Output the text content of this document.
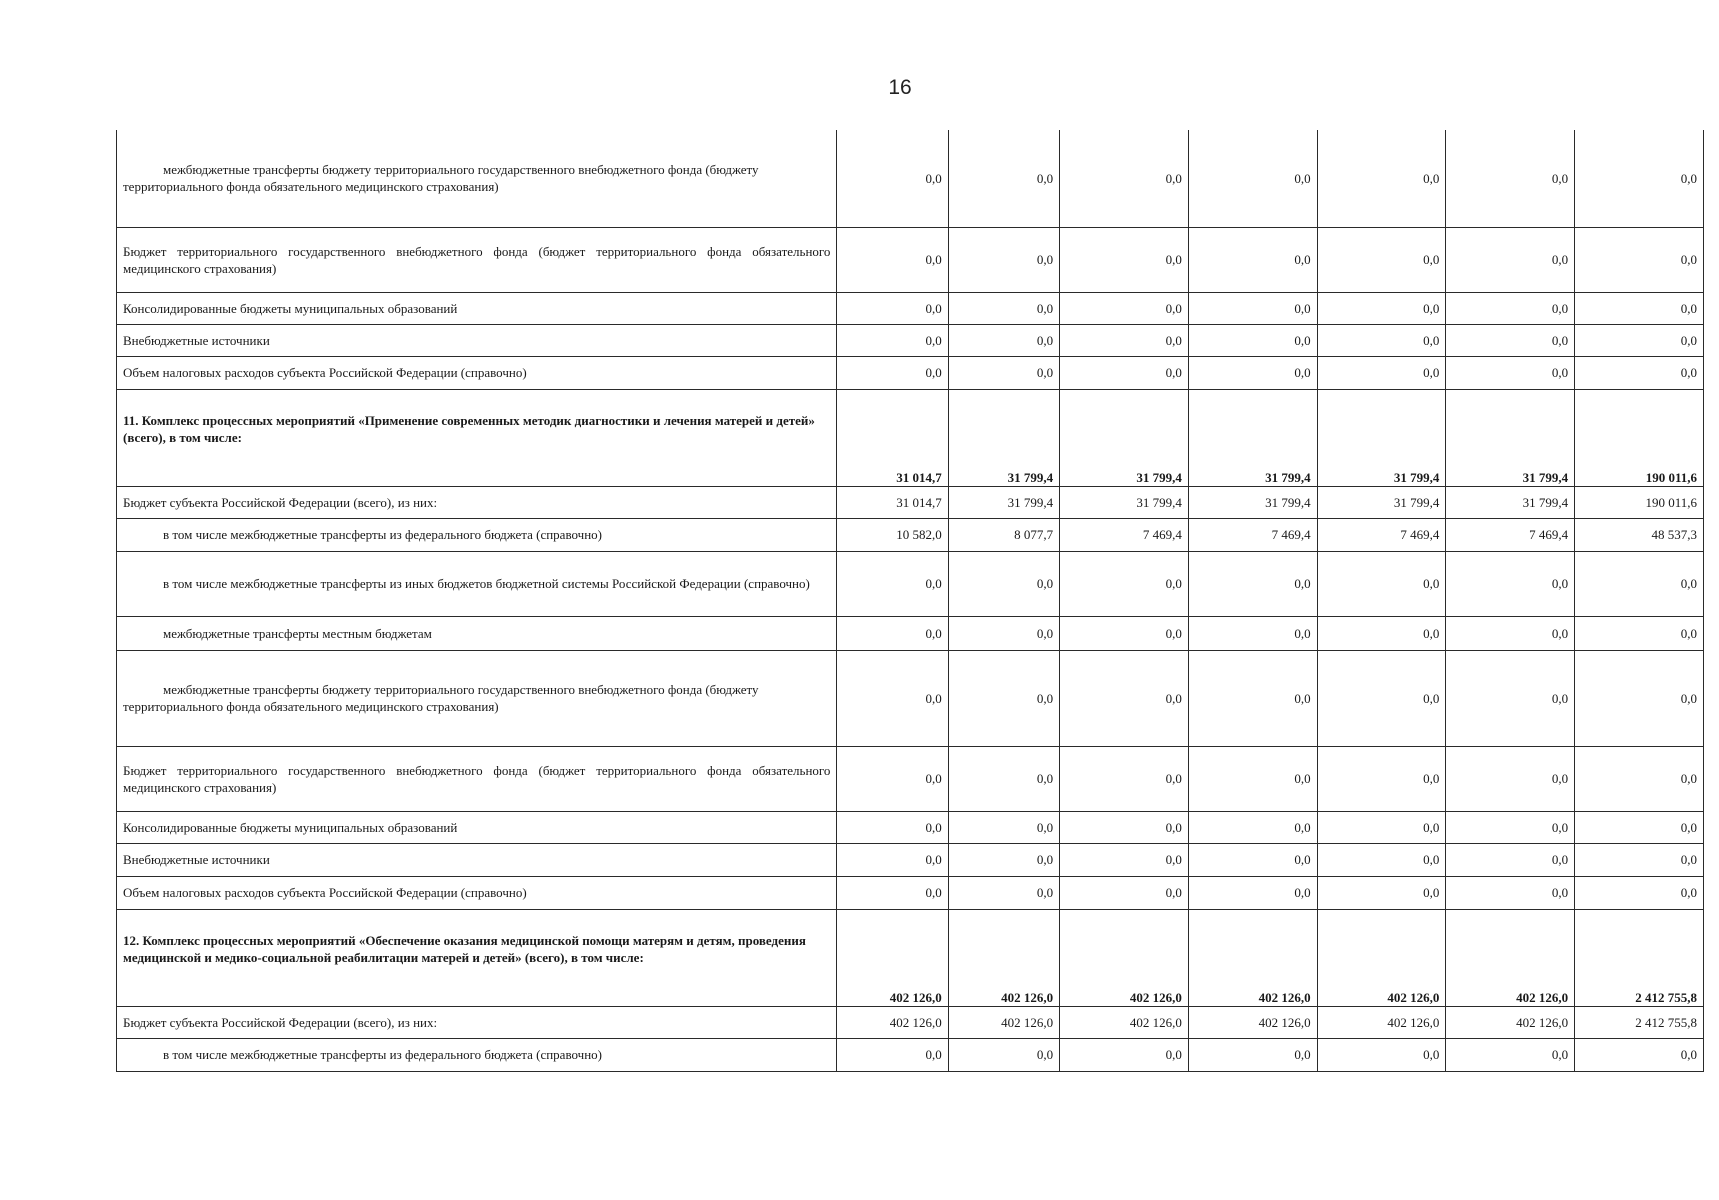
16
межбюджетные трансферты бюджету территориального государственного внебюджетного фонда (бюджету территориального фонда обязательного медицинского страхования)	0,0	0,0	0,0	0,0	0,0	0,0	0,0

Бюджет территориального государственного внебюджетного фонда (бюджет территориального фонда обязательного медицинского страхования)	0,0	0,0	0,0	0,0	0,0	0,0	0,0
Консолидированные бюджеты муниципальных образований	0,0	0,0	0,0	0,0	0,0	0,0	0,0
Внебюджетные источники	0,0	0,0	0,0	0,0	0,0	0,0	0,0
Объем налоговых расходов субъекта Российской Федерации (справочно)	0,0	0,0	0,0	0,0	0,0	0,0	0,0
11. Комплекс процессных мероприятий «Применение современных методик диагностики и лечения матерей и детей» (всего), в том числе:	31 014,7	31 799,4	31 799,4	31 799,4	31 799,4	31 799,4	190 011,6
Бюджет субъекта Российской Федерации (всего), из них:	31 014,7	31 799,4	31 799,4	31 799,4	31 799,4	31 799,4	190 011,6

в том числе межбюджетные трансферты из федерального бюджета (справочно)	10 582,0	8 077,7	7 469,4	7 469,4	7 469,4	7 469,4	48 537,3

в том числе межбюджетные трансферты из иных бюджетов бюджетной системы Российской Федерации (справочно)	0,0	0,0	0,0	0,0	0,0	0,0	0,0

межбюджетные трансферты местным бюджетам	0,0	0,0	0,0	0,0	0,0	0,0	0,0

межбюджетные трансферты бюджету территориального государственного внебюджетного фонда (бюджету территориального фонда обязательного медицинского страхования)	0,0	0,0	0,0	0,0	0,0	0,0	0,0

Бюджет территориального государственного внебюджетного фонда (бюджет территориального фонда обязательного медицинского страхования)	0,0	0,0	0,0	0,0	0,0	0,0	0,0
Консолидированные бюджеты муниципальных образований	0,0	0,0	0,0	0,0	0,0	0,0	0,0
Внебюджетные источники	0,0	0,0	0,0	0,0	0,0	0,0	0,0
Объем налоговых расходов субъекта Российской Федерации (справочно)	0,0	0,0	0,0	0,0	0,0	0,0	0,0
12. Комплекс процессных мероприятий «Обеспечение оказания медицинской помощи матерям и детям, проведения медицинской и медико-социальной реабилитации матерей и детей» (всего), в том числе:	402 126,0	402 126,0	402 126,0	402 126,0	402 126,0	402 126,0	2 412 755,8
Бюджет субъекта Российской Федерации (всего), из них:	402 126,0	402 126,0	402 126,0	402 126,0	402 126,0	402 126,0	2 412 755,8

в том числе межбюджетные трансферты из федерального бюджета (справочно)	0,0	0,0	0,0	0,0	0,0	0,0	0,0
